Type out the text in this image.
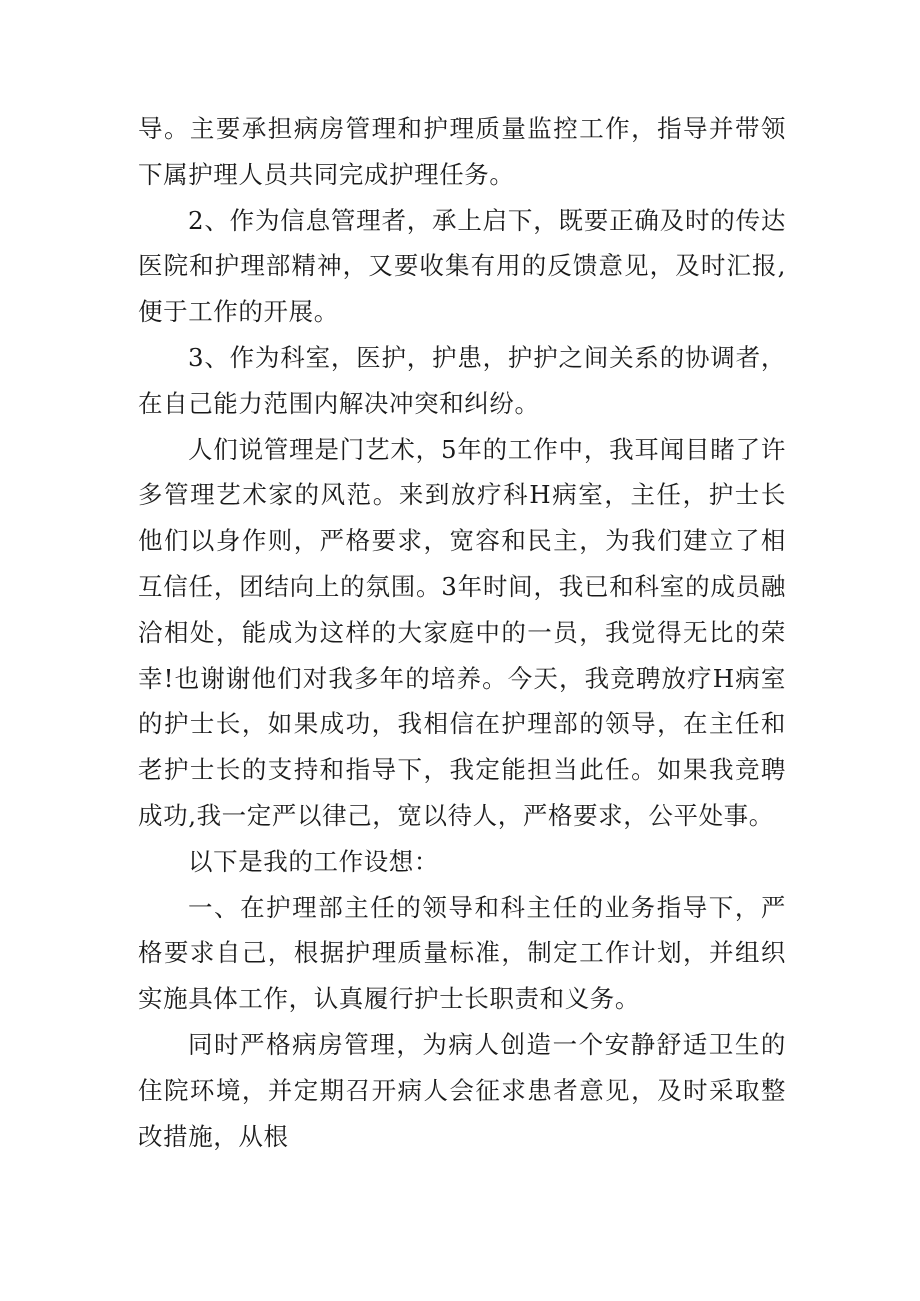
导。主要承担病房管理和护理质量监控工作，指导并带领下属护理人员共同完成护理任务。

2、作为信息管理者，承上启下，既要正确及时的传达医院和护理部精神，又要收集有用的反馈意见，及时汇报,便于工作的开展。

3、作为科室，医护，护患，护护之间关系的协调者，在自己能力范围内解决冲突和纠纷。

人们说管理是门艺术，5年的工作中，我耳闻目睹了许多管理艺术家的风范。来到放疗科H病室，主任，护士长他们以身作则，严格要求，宽容和民主，为我们建立了相互信任，团结向上的氛围。3年时间，我已和科室的成员融洽相处，能成为这样的大家庭中的一员，我觉得无比的荣幸!也谢谢他们对我多年的培养。今天，我竞聘放疗H病室的护士长，如果成功，我相信在护理部的领导，在主任和老护士长的支持和指导下，我定能担当此任。如果我竞聘成功,我一定严以律己，宽以待人，严格要求，公平处事。

以下是我的工作设想：

一、在护理部主任的领导和科主任的业务指导下，严格要求自己，根据护理质量标准，制定工作计划，并组织实施具体工作，认真履行护士长职责和义务。

同时严格病房管理，为病人创造一个安静舒适卫生的住院环境，并定期召开病人会征求患者意见，及时采取整改措施，从根
